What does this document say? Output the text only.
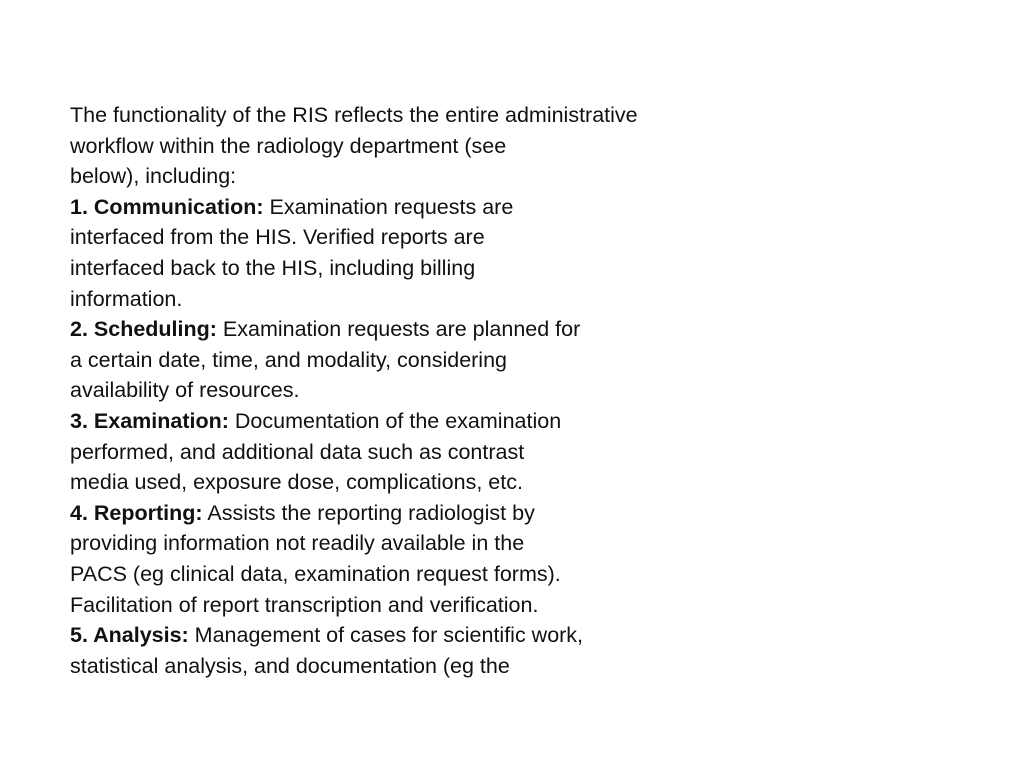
The functionality of the RIS reflects the entire administrative
workflow within the radiology department (see
below), including:
1. Communication: Examination requests are
interfaced from the HIS. Verified reports are
interfaced back to the HIS, including billing
information.
2. Scheduling: Examination requests are planned for
a certain date, time, and modality, considering
availability of resources.
3. Examination: Documentation of the examination
performed, and additional data such as contrast
media used, exposure dose, complications, etc.
4. Reporting: Assists the reporting radiologist by
providing information not readily available in the
PACS (eg clinical data, examination request forms).
Facilitation of report transcription and verification.
5. Analysis: Management of cases for scientific work,
statistical analysis, and documentation (eg the
